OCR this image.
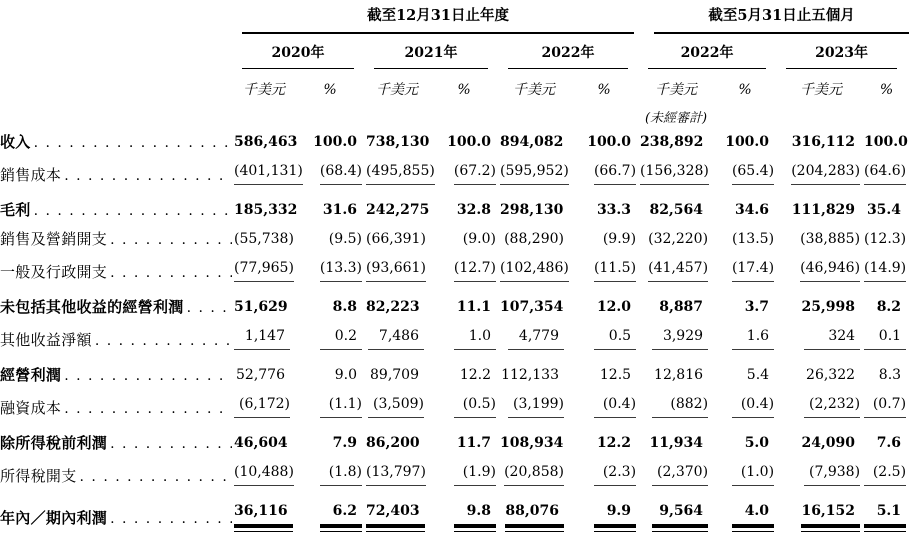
	截至12月31日止年度						截至5月31日止五個月			

	2020年		2021年		2022年		2022年		2023年	

	千美元	%	千美元	%	千美元	%	千美元	%	千美元	%

							(未經審計)			

收入
. . .	586,463	100.0	738,130	100.0	894,082	100.0	238,892	100.0	316,112	100.0

銷售成本
. . .	(401,131)	(68.4)	(495,855)	(67.2)	(595,952)	(66.7)	(156,328)	(65.4)	(204,283)	(64.6)

毛利
. . .	185,332	31.6	242,275	32.8	298,130	33.3	82,564	34.6	111,829	35.4

銷售及營銷開支
. . .	(55,738)	(9.5)	(66,391)	(9.0)	(88,290)	(9.9)	(32,220)	(13.5)	(38,885)	(12.3)

一般及行政開支
. . .	(77,965)	(13.3)	(93,661)	(12.7)	(102,486)	(11.5)	(41,457)	(17.4)	(46,946)	(14.9)

未包括其他收益的經營利潤
. . .	51,629	8.8	82,223	11.1	107,354	12.0	8,887	3.7	25,998	8.2

其他收益淨額
. . .	1,147	0.2	7,486	1.0	4,779	0.5	3,929	1.6	324	0.1

經營利潤
. . .	52,776	9.0	89,709	12.2	112,133	12.5	12,816	5.4	26,322	8.3

融資成本
. . .	(6,172)	(1.1)	(3,509)	(0.5)	(3,199)	(0.4)	(882)	(0.4)	(2,232)	(0.7)

除所得稅前利潤
. . .	46,604	7.9	86,200	11.7	108,934	12.2	11,934	5.0	24,090	7.6

所得稅開支
. . .	(10,488)	(1.8)	(13,797)	(1.9)	(20,858)	(2.3)	(2,370)	(1.0)	(7,938)	(2.5)

年內／期內利潤
. . .	36,116	6.2	72,403	9.8	88,076	9.9	9,564	4.0	16,152	5.1
